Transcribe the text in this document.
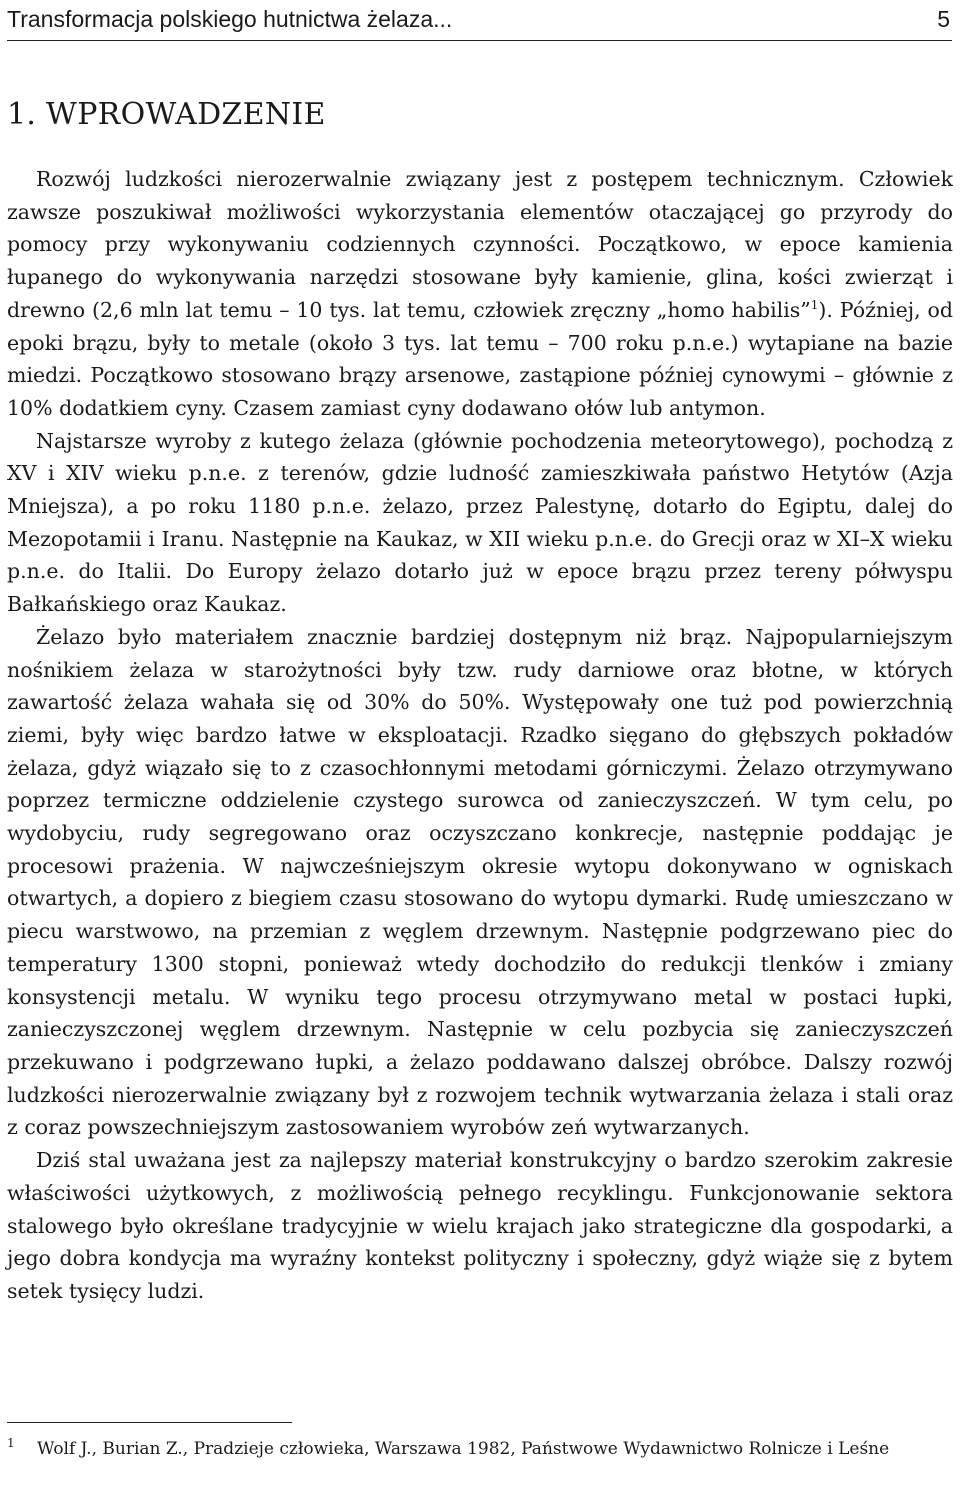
Transformacja polskiego hutnictwa żelaza...	5
1. WPROWADZENIE

Rozwój ludzkości nierozerwalnie związany jest z postępem technicznym. Człowiek zawsze poszukiwał możliwości wykorzystania elementów otaczającej go przyrody do pomocy przy wykonywaniu codziennych czynności. Początkowo, w epoce kamienia łupanego do wykonywania narzędzi stosowane były kamienie, glina, kości zwierząt i drewno (2,6 mln lat temu – 10 tys. lat temu, człowiek zręczny „homo habilis”$^1$). Później, od epoki brązu, były to metale (około 3 tys. lat temu – 700 roku p.n.e.) wytapiane na bazie miedzi. Początkowo stosowano brązy arsenowe, zastąpione później cynowymi – głównie z 10% dodatkiem cyny. Czasem zamiast cyny dodawano ołów lub antymon.

Najstarsze wyroby z kutego żelaza (głównie pochodzenia meteorytowego), pochodzą z XV i XIV wieku p.n.e. z terenów, gdzie ludność zamieszkiwała państwo Hetytów (Azja Mniejsza), a po roku 1180 p.n.e. żelazo, przez Palestynę, dotarło do Egiptu, dalej do Mezopotamii i Iranu. Następnie na Kaukaz, w XII wieku p.n.e. do Grecji oraz w XI–X wieku p.n.e. do Italii. Do Europy żelazo dotarło już w epoce brązu przez tereny półwyspu Bałkańskiego oraz Kaukaz.

Żelazo było materiałem znacznie bardziej dostępnym niż brąz. Najpopularniejszym nośnikiem żelaza w starożytności były tzw. rudy darniowe oraz błotne, w których zawartość żelaza wahała się od 30% do 50%. Występowały one tuż pod powierzchnią ziemi, były więc bardzo łatwe w eksploatacji. Rzadko sięgano do głębszych pokładów żelaza, gdyż wiązało się to z czasochłonnymi metodami górniczymi. Żelazo otrzymywano poprzez termiczne oddzielenie czystego surowca od zanieczyszczeń. W tym celu, po wydobyciu, rudy segregowano oraz oczyszczano konkrecje, następnie poddając je procesowi prażenia. W najwcześniejszym okresie wytopu dokonywano w ogniskach otwartych, a dopiero z biegiem czasu stosowano do wytopu dymarki. Rudę umieszczano w piecu warstwowo, na przemian z węglem drzewnym. Następnie podgrzewano piec do temperatury 1300 stopni, ponieważ wtedy dochodziło do redukcji tlenków i zmiany konsystencji metalu. W wyniku tego procesu otrzymywano metal w postaci łupki, zanieczyszczonej węglem drzewnym. Następnie w celu pozbycia się zanieczyszczeń przekuwano i podgrzewano łupki, a żelazo poddawano dalszej obróbce. Dalszy rozwój ludzkości nierozerwalnie związany był z rozwojem technik wytwarzania żelaza i stali oraz z coraz powszechniejszym zastosowaniem wyrobów zeń wytwarzanych.

Dziś stal uważana jest za najlepszy materiał konstrukcyjny o bardzo szerokim zakresie właściwości użytkowych, z możliwością pełnego recyklingu. Funkcjonowanie sektora stalowego było określane tradycyjnie w wielu krajach jako strategiczne dla gospodarki, a jego dobra kondycja ma wyraźny kontekst polityczny i społeczny, gdyż wiąże się z bytem setek tysięcy ludzi.

1 Wolf J., Burian Z., Pradzieje człowieka, Warszawa 1982, Państwowe Wydawnictwo Rolnicze i Leśne
